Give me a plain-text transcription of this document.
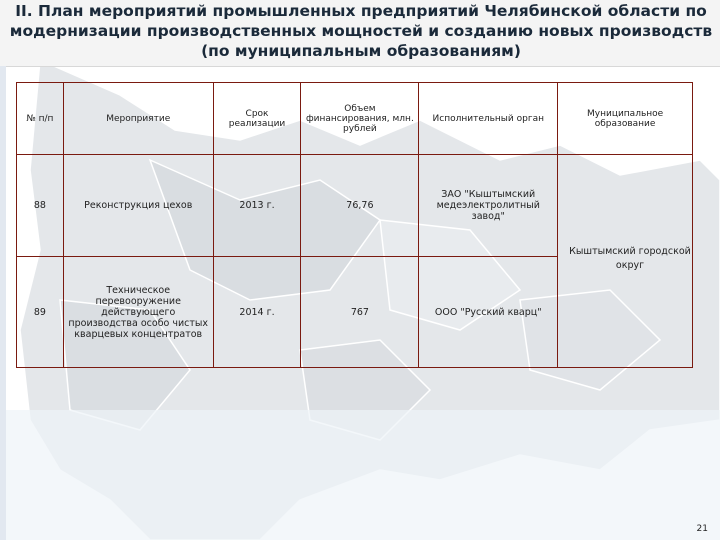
II. План мероприятий промышленных предприятий Челябинской области по модернизации производственных мощностей и созданию новых производств (по муниципальным образованиям)
№ п/п	Мероприятие	Срок реализации	Объем финансирования, млн. рублей	Исполнительный орган	Муниципальное образование
88	Реконструкция цехов	2013 г.	76,76	ЗАО "Кыштымский медеэлектролитный завод"	
89	Техническое перевооружение действующего производства особо чистых кварцевых концентратов	2014 г.	767	ООО "Русский кварц"	
Кыштымский городской округ
21
